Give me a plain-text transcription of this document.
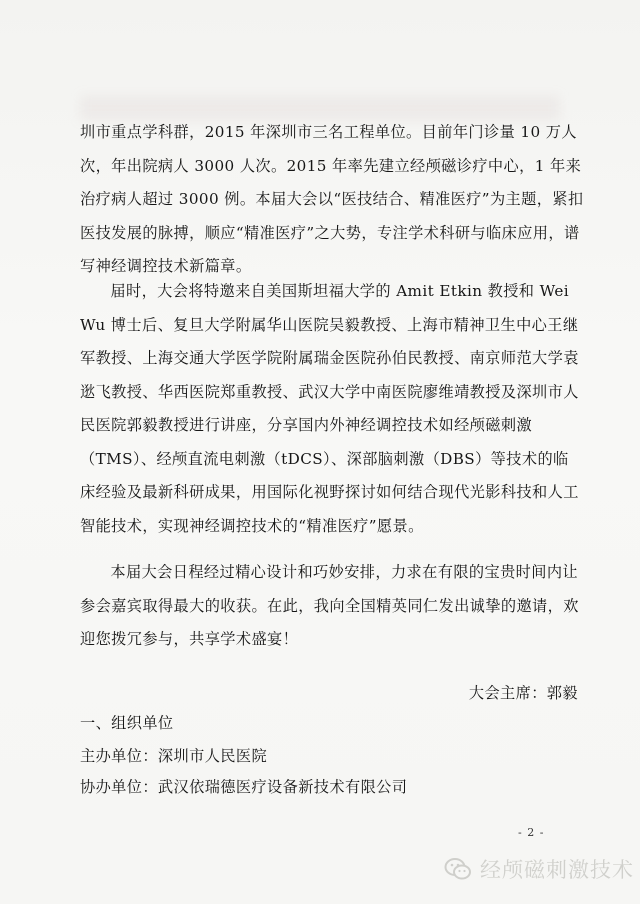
圳市重点学科群，2015 年深圳市三名工程单位。目前年门诊量 10 万人次，年出院病人 3000 人次。2015 年率先建立经颅磁诊疗中心，1 年来治疗病人超过 3000 例。本届大会以“医技结合、精准医疗”为主题，紧扣医技发展的脉搏，顺应“精准医疗”之大势，专注学术科研与临床应用，谱写神经调控技术新篇章。

届时，大会将特邀来自美国斯坦福大学的 Amit Etkin 教授和 Wei Wu 博士后、复旦大学附属华山医院吴毅教授、上海市精神卫生中心王继军教授、上海交通大学医学院附属瑞金医院孙伯民教授、南京师范大学袁逖飞教授、华西医院郑重教授、武汉大学中南医院廖维靖教授及深圳市人民医院郭毅教授进行讲座，分享国内外神经调控技术如经颅磁刺激（TMS）、经颅直流电刺激（tDCS）、深部脑刺激（DBS）等技术的临床经验及最新科研成果，用国际化视野探讨如何结合现代光影科技和人工智能技术，实现神经调控技术的“精准医疗”愿景。

本届大会日程经过精心设计和巧妙安排，力求在有限的宝贵时间内让参会嘉宾取得最大的收获。在此，我向全国精英同仁发出诚挚的邀请，欢迎您拨冗参与，共享学术盛宴！

大会主席：郭毅
一、组织单位
主办单位：深圳市人民医院
协办单位：武汉依瑞德医疗设备新技术有限公司
- 2 -
经颅磁刺激技术
